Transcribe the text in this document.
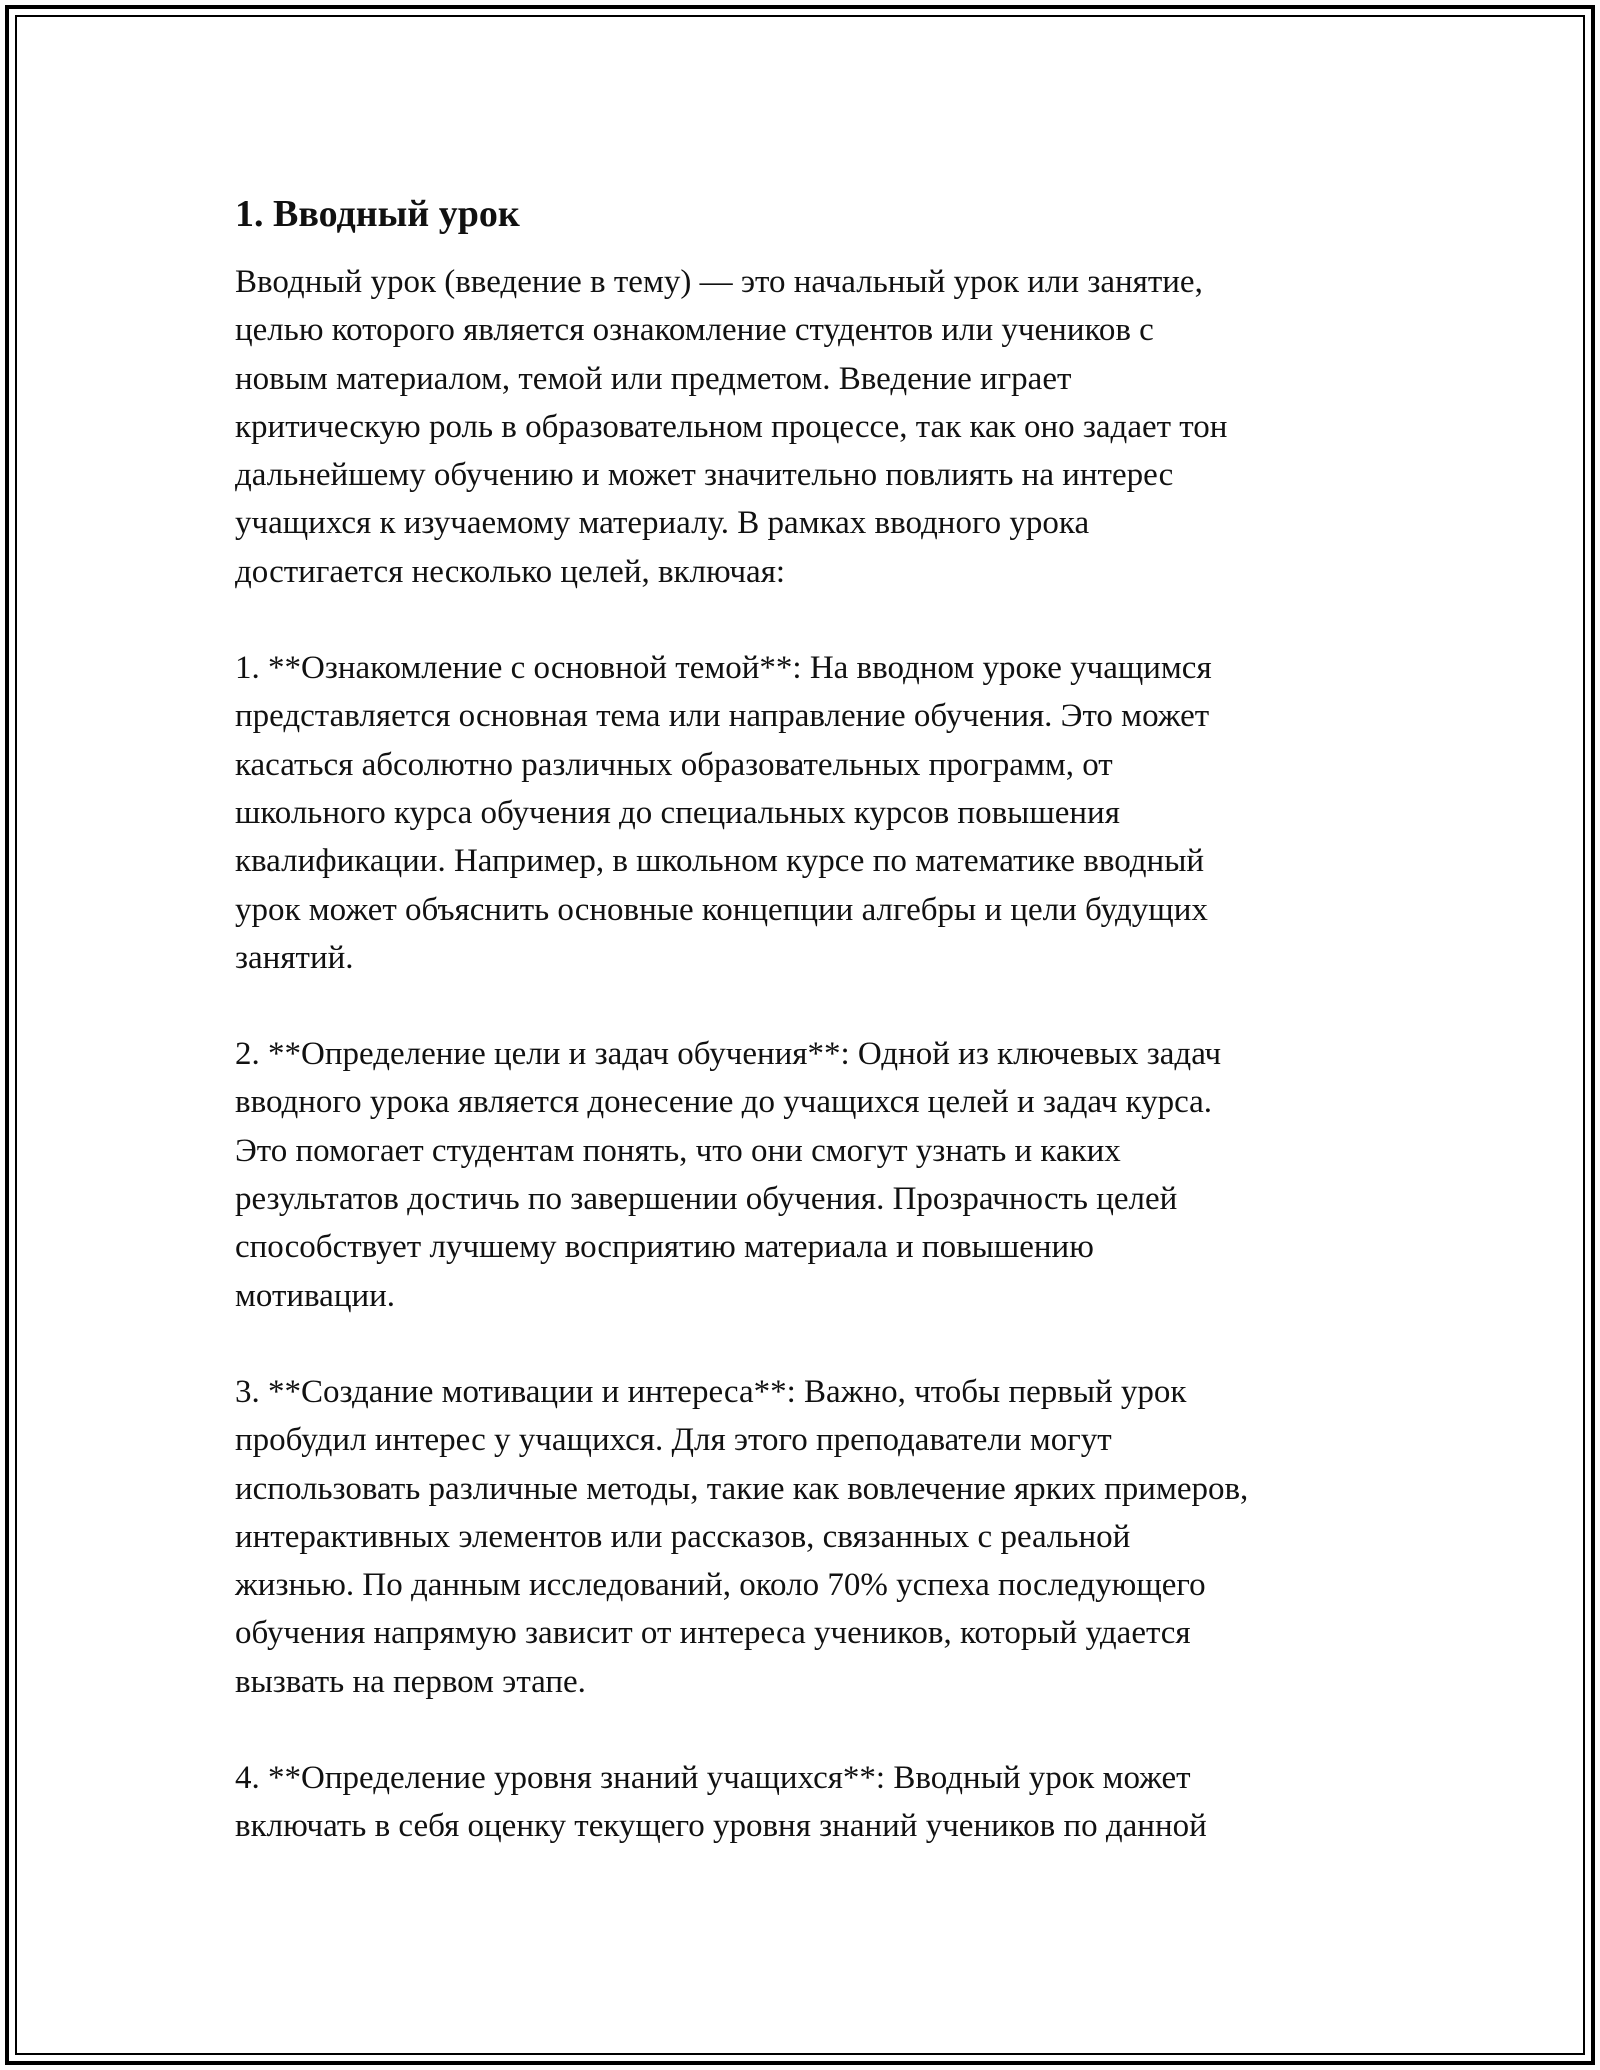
1. Вводный урок

Вводный урок (введение в тему) — это начальный урок или занятие,
целью которого является ознакомление студентов или учеников с
новым материалом, темой или предметом. Введение играет
критическую роль в образовательном процессе, так как оно задает тон
дальнейшему обучению и может значительно повлиять на интерес
учащихся к изучаемому материалу. В рамках вводного урока
достигается несколько целей, включая:

1. **Ознакомление с основной темой**: На вводном уроке учащимся
представляется основная тема или направление обучения. Это может
касаться абсолютно различных образовательных программ, от
школьного курса обучения до специальных курсов повышения
квалификации. Например, в школьном курсе по математике вводный
урок может объяснить основные концепции алгебры и цели будущих
занятий.

2. **Определение цели и задач обучения**: Одной из ключевых задач
вводного урока является донесение до учащихся целей и задач курса.
Это помогает студентам понять, что они смогут узнать и каких
результатов достичь по завершении обучения. Прозрачность целей
способствует лучшему восприятию материала и повышению
мотивации.

3. **Создание мотивации и интереса**: Важно, чтобы первый урок
пробудил интерес у учащихся. Для этого преподаватели могут
использовать различные методы, такие как вовлечение ярких примеров,
интерактивных элементов или рассказов, связанных с реальной
жизнью. По данным исследований, около 70% успеха последующего
обучения напрямую зависит от интереса учеников, который удается
вызвать на первом этапе.

4. **Определение уровня знаний учащихся**: Вводный урок может
включать в себя оценку текущего уровня знаний учеников по данной
